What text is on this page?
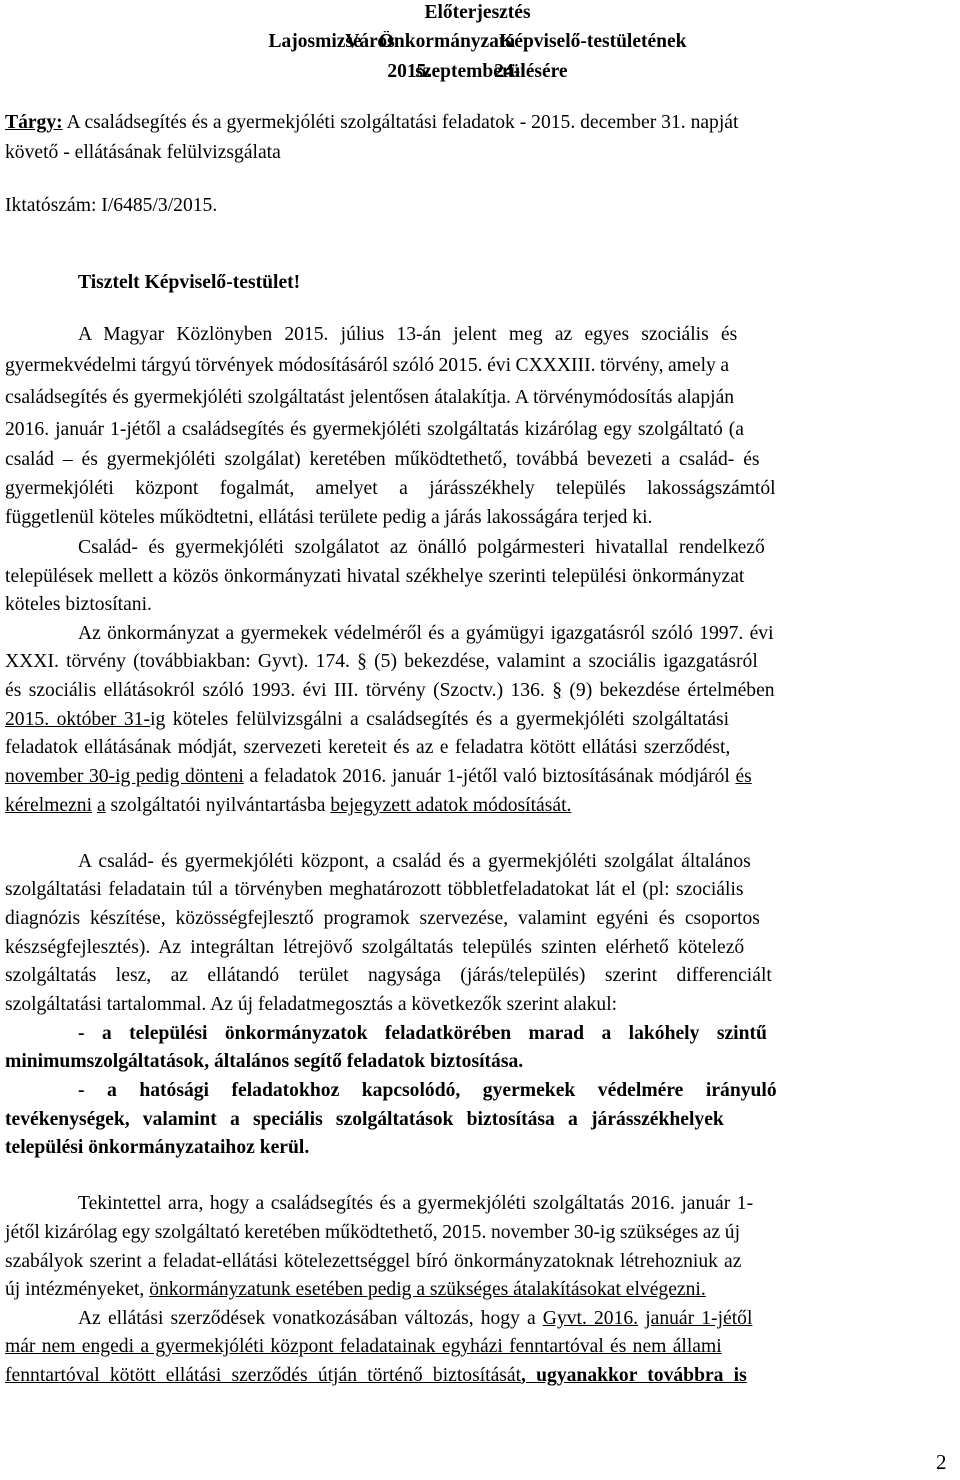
Előterjesztés
Lajosmizse Város Önkormányzata Képviselő-testületének
2015. szeptember 24-i ülésére
Tárgy: A családsegítés és a gyermekjóléti szolgáltatási feladatok - 2015. december 31. napját
követő - ellátásának felülvizsgálata
Iktatószám: I/6485/3/2015.
Tisztelt Képviselő-testület!
A Magyar Közlönyben 2015. július 13-án jelent meg az egyes szociális és
gyermekvédelmi tárgyú törvények módosításáról szóló 2015. évi CXXXIII. törvény, amely a
családsegítés és gyermekjóléti szolgáltatást jelentősen átalakítja. A törvénymódosítás alapján
2016. január 1-jétől a családsegítés és gyermekjóléti szolgáltatás kizárólag egy szolgáltató (a
család – és gyermekjóléti szolgálat) keretében működtethető, továbbá bevezeti a család- és
gyermekjóléti központ fogalmát, amelyet a járásszékhely település lakosságszámtól
függetlenül köteles működtetni, ellátási területe pedig a járás lakosságára terjed ki.
Család- és gyermekjóléti szolgálatot az önálló polgármesteri hivatallal rendelkező
települések mellett a közös önkormányzati hivatal székhelye szerinti települési önkormányzat
köteles biztosítani.
Az önkormányzat a gyermekek védelméről és a gyámügyi igazgatásról szóló 1997. évi
XXXI. törvény (továbbiakban: Gyvt). 174. § (5) bekezdése, valamint a szociális igazgatásról
és szociális ellátásokról szóló 1993. évi III. törvény (Szoctv.) 136. § (9) bekezdése értelmében
2015. október 31-ig köteles felülvizsgálni a családsegítés és a gyermekjóléti szolgáltatási
feladatok ellátásának módját, szervezeti kereteit és az e feladatra kötött ellátási szerződést,
november 30-ig pedig dönteni a feladatok 2016. január 1-jétől való biztosításának módjáról és
kérelmezni a szolgáltatói nyilvántartásba bejegyzett adatok módosítását.
A család- és gyermekjóléti központ, a család és a gyermekjóléti szolgálat általános
szolgáltatási feladatain túl a törvényben meghatározott többletfeladatokat lát el (pl: szociális
diagnózis készítése, közösségfejlesztő programok szervezése, valamint egyéni és csoportos
készségfejlesztés). Az integráltan létrejövő szolgáltatás település szinten elérhető kötelező
szolgáltatás lesz, az ellátandó terület nagysága (járás/település) szerint differenciált
szolgáltatási tartalommal. Az új feladatmegosztás a következők szerint alakul:
- a települési önkormányzatok feladatkörében marad a lakóhely szintű
minimumszolgáltatások, általános segítő feladatok biztosítása.
- a hatósági feladatokhoz kapcsolódó, gyermekek védelmére irányuló
tevékenységek, valamint a speciális szolgáltatások biztosítása a járásszékhelyek
települési önkormányzataihoz kerül.
Tekintettel arra, hogy a családsegítés és a gyermekjóléti szolgáltatás 2016. január 1-
jétől kizárólag egy szolgáltató keretében működtethető, 2015. november 30-ig szükséges az új
szabályok szerint a feladat-ellátási kötelezettséggel bíró önkormányzatoknak létrehozniuk az
új intézményeket, önkormányzatunk esetében pedig a szükséges átalakításokat elvégezni.
Az ellátási szerződések vonatkozásában változás, hogy a Gyvt. 2016. január 1-jétől
már nem engedi a gyermekjóléti központ feladatainak egyházi fenntartóval és nem állami
fenntartóval kötött ellátási szerződés útján történő biztosítását, ugyanakkor továbbra is
2
